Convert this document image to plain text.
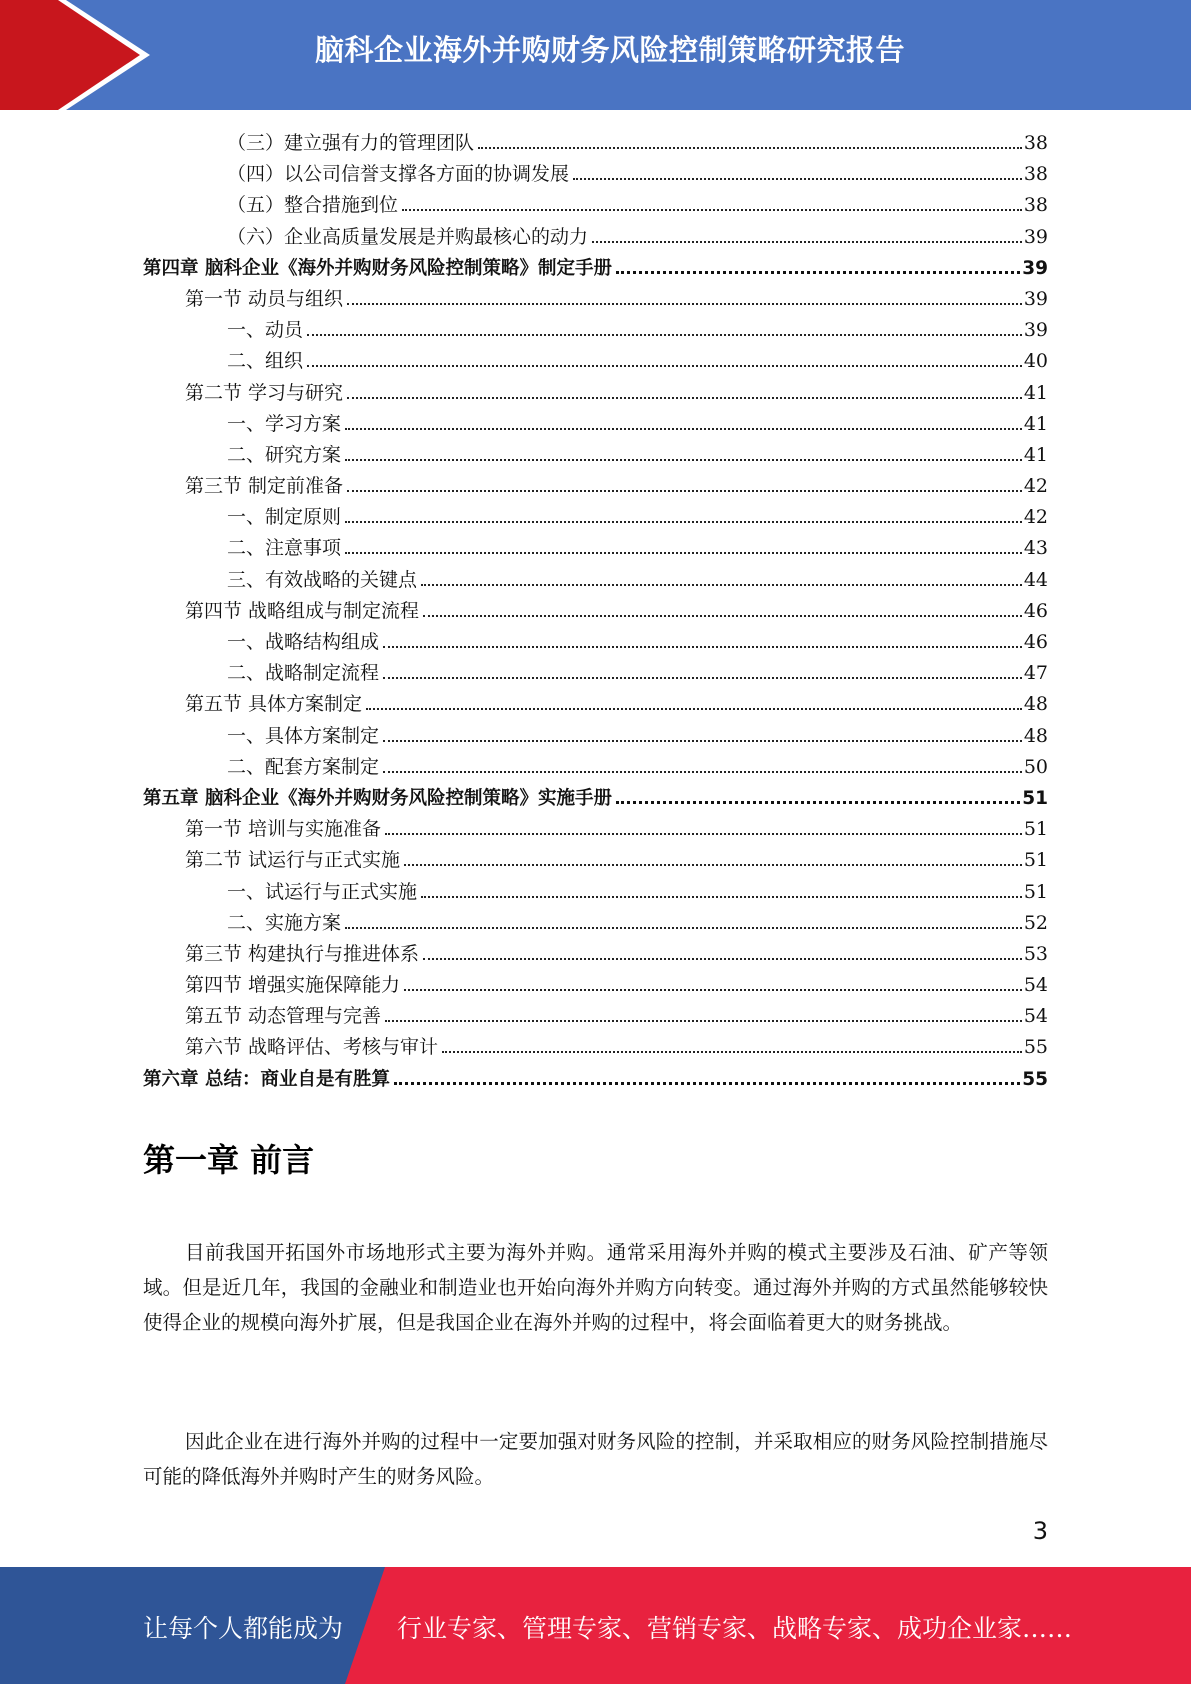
脑科企业海外并购财务风险控制策略研究报告
（三）建立强有力的管理团队	38
（四）以公司信誉支撑各方面的协调发展	38
（五）整合措施到位	38
（六）企业高质量发展是并购最核心的动力	39
第四章 脑科企业《海外并购财务风险控制策略》制定手册	39
第一节 动员与组织	39
一、动员	39
二、组织	40
第二节 学习与研究	41
一、学习方案	41
二、研究方案	41
第三节 制定前准备	42
一、制定原则	42
二、注意事项	43
三、有效战略的关键点	44
第四节 战略组成与制定流程	46
一、战略结构组成	46
二、战略制定流程	47
第五节 具体方案制定	48
一、具体方案制定	48
二、配套方案制定	50
第五章 脑科企业《海外并购财务风险控制策略》实施手册	51
第一节 培训与实施准备	51
第二节 试运行与正式实施	51
一、试运行与正式实施	51
二、实施方案	52
第三节 构建执行与推进体系	53
第四节 增强实施保障能力	54
第五节 动态管理与完善	54
第六节 战略评估、考核与审计	55
第六章 总结：商业自是有胜算	55
第一章 前言

目前我国开拓国外市场地形式主要为海外并购。通常采用海外并购的模式主要涉及石油、矿产等领域。但是近几年，我国的金融业和制造业也开始向海外并购方向转变。通过海外并购的方式虽然能够较快使得企业的规模向海外扩展，但是我国企业在海外并购的过程中，将会面临着更大的财务挑战。

因此企业在进行海外并购的过程中一定要加强对财务风险的控制，并采取相应的财务风险控制措施尽可能的降低海外并购时产生的财务风险。

3
让每个人都能成为 行业专家、管理专家、营销专家、战略专家、成功企业家……
